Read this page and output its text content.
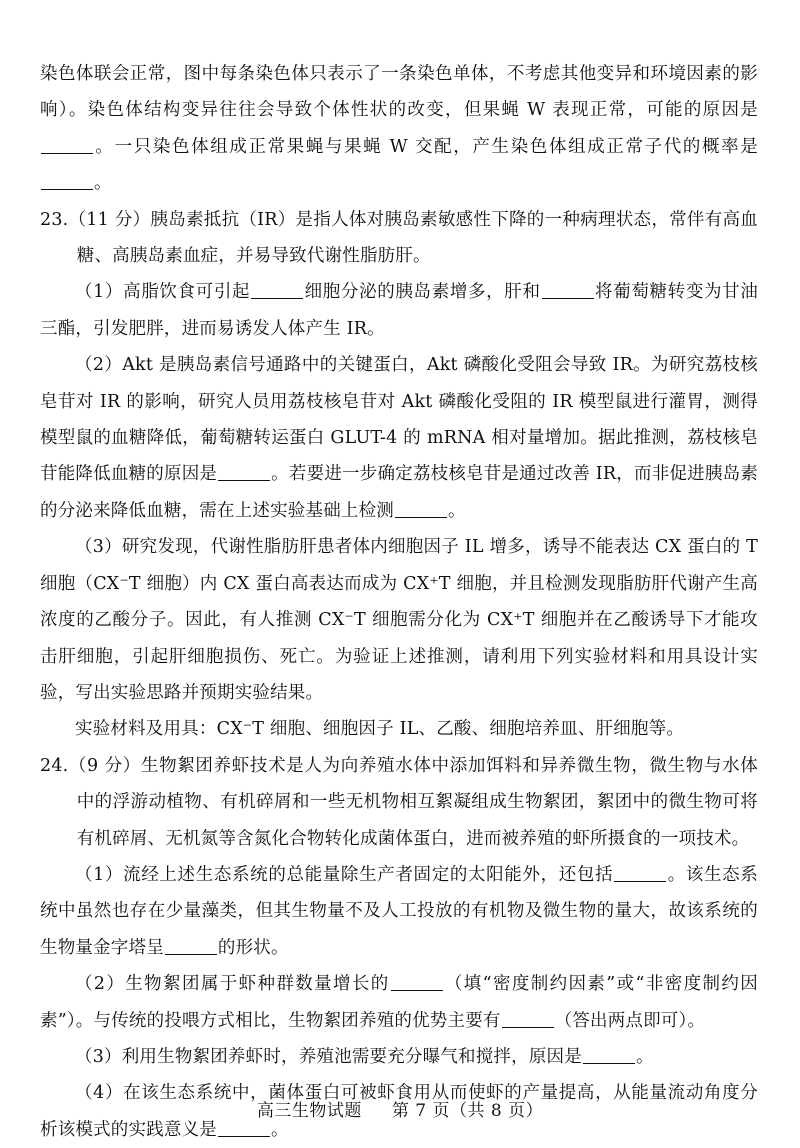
染色体联会正常，图中每条染色体只表示了一条染色单体，不考虑其他变异和环境因素的影响）。染色体结构变异往往会导致个体性状的改变，但果蝇 W 表现正常，可能的原因是。一只染色体组成正常果蝇与果蝇 W 交配，产生染色体组成正常子代的概率是。

23.（11 分）胰岛素抵抗（IR）是指人体对胰岛素敏感性下降的一种病理状态，常伴有高血糖、高胰岛素血症，并易导致代谢性脂肪肝。

（1）高脂饮食可引起	细胞分泌的胰岛素增多，肝和	将葡萄糖转变为甘油三酯，引发肥胖，进而易诱发人体产生 IR。

（2）Akt 是胰岛素信号通路中的关键蛋白，Akt 磷酸化受阻会导致 IR。为研究荔枝核皂苷对 IR 的影响，研究人员用荔枝核皂苷对 Akt 磷酸化受阻的 IR 模型鼠进行灌胃，测得模型鼠的血糖降低，葡萄糖转运蛋白 GLUT-4 的 mRNA 相对量增加。据此推测，荔枝核皂苷能降低血糖的原因是	。若要进一步确定荔枝核皂苷是通过改善 IR，而非促进胰岛素的分泌来降低血糖，需在上述实验基础上检测	。

（3）研究发现，代谢性脂肪肝患者体内细胞因子 IL 增多，诱导不能表达 CX 蛋白的 T 细胞（CX⁻T 细胞）内 CX 蛋白高表达而成为 CX⁺T 细胞，并且检测发现脂肪肝代谢产生高浓度的乙酸分子。因此，有人推测 CX⁻T 细胞需分化为 CX⁺T 细胞并在乙酸诱导下才能攻击肝细胞，引起肝细胞损伤、死亡。为验证上述推测，请利用下列实验材料和用具设计实验，写出实验思路并预期实验结果。

实验材料及用具：CX⁻T 细胞、细胞因子 IL、乙酸、细胞培养皿、肝细胞等。

24.（9 分）生物絮团养虾技术是人为向养殖水体中添加饵料和异养微生物，微生物与水体中的浮游动植物、有机碎屑和一些无机物相互絮凝组成生物絮团，絮团中的微生物可将有机碎屑、无机氮等含氮化合物转化成菌体蛋白，进而被养殖的虾所摄食的一项技术。

（1）流经上述生态系统的总能量除生产者固定的太阳能外，还包括	。该生态系统中虽然也存在少量藻类，但其生物量不及人工投放的有机物及微生物的量大，故该系统的生物量金字塔呈	的形状。

（2）生物絮团属于虾种群数量增长的	（填“密度制约因素”或“非密度制约因素”）。与传统的投喂方式相比，生物絮团养殖的优势主要有	（答出两点即可）。

（3）利用生物絮团养虾时，养殖池需要充分曝气和搅拌，原因是	。

（4）在该生态系统中，菌体蛋白可被虾食用从而使虾的产量提高，从能量流动角度分析该模式的实践意义是	。

高三生物试题 第 7 页（共 8 页）
